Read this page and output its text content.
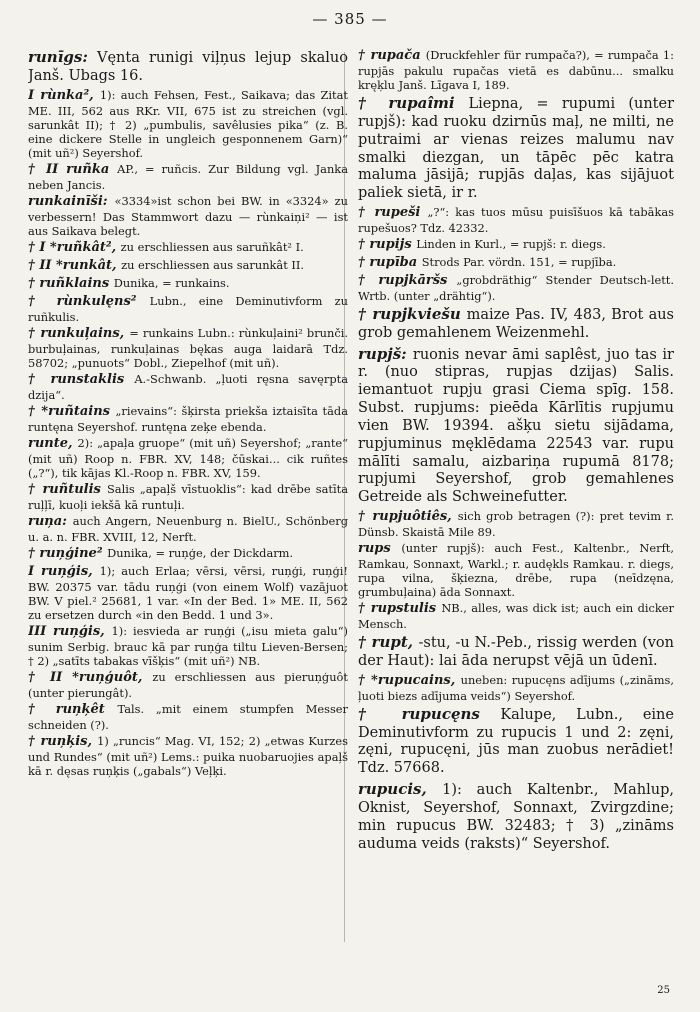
— 385 —

runīgs: Vęnta runigi viļņus lejup skaluo Janš. Ubags 16.

I rùnka², 1): auch Fehsen, Fest., Saikava; das Zitat ME. III, 562 aus RKr. VII, 675 ist zu streichen (vgl. sarunkât II); † 2) „pumbulis, savêlusies pika“ (z. B. eine dickere Stelle in ungleich gesponnenem Garn)“ (mit uñ²) Seyershof.

† II ruñka AP., = ruñcis. Zur Bildung vgl. Janka neben Jancis.

runkainīši: «3334»ist schon bei BW. in «3324» zu verbessern! Das Stammwort dazu — rùnkaiņi² — ist aus Saikava belegt.

† I *ruñkât², zu erschliessen aus saruñkât² I.

† II *runkât, zu erschliessen aus sarunkât II.

† ruñklains Dunika, = runkains.

† rùnkulęns² Lubn., eine Deminutivform zu ruñkulis.

† runkuļains, = runkains Lubn.: rùnkuļaini² brunči. burbuļainas, runkuļainas bękas auga laidarā Tdz. 58702; „punuots“ Dobl., Ziepelhof (mit uñ).

† runstaklis A.-Schwanb. „ļuoti ręsna savęrpta dzija“.

† *ruñtains „rievains“: šķirsta priekša iztaisīta tāda runtęna Seyershof. runtęna zeķe ebenda.

runte, 2): „apaļa gruope“ (mit uñ) Seyershof; „rante“ (mit uñ) Roop n. FBR. XV, 148; čūskai... cik ruñtes („?“), tik kājas Kl.-Roop n. FBR. XV, 159.

† ruñtulis Salis „apaļš vīstuoklis“: kad drēbe satīta ruļļī, kuoļi iekšā kā runtuļi.

ruņa: auch Angern, Neuenburg n. BielU., Schönberg u. a. n. FBR. XVIII, 12, Nerft.

† ruņģine² Dunika, = ruņģe, der Dickdarm.

I ruņģis, 1); auch Erlaa; vērsi, vērsi, ruņģi, ruņģi! BW. 20375 var. tādu ruņģi (von einem Wolf) vazājuot BW. V piel.² 25681, 1 var. «In der Bed. 1» ME. II, 562 zu ersetzen durch «in den Bedd. 1 und 3».

III ruņģis, 1): iesvieda ar ruņģi („isu mieta galu“) sunim Serbig. brauc kā par ruņģa tiltu Lieven-Bersen; † 2) „satīts tabakas vīšķis“ (mit uñ²) NB.

† II *ruņģuôt, zu erschliessen aus pieruņģuôt (unter pierungât).

† ruņķêt Tals. „mit einem stumpfen Messer schneiden (?).

† ruņķis, 1) „runcis“ Mag. VI, 152; 2) „etwas Kurzes und Rundes“ (mit uñ²) Lems.: puika nuobaruojies apaļš kā r. dęsas ruņķis („gabals“) Veļķi.

† rupača (Druckfehler für rumpača?), = rumpača 1: rupjās pakulu rupačas vietā es dabūnu... smalku kręķlu Janš. Līgava I, 189.

† rupaîmi Liepna, = rupumi (unter rupjš): kad ruoku dzirnūs maļ, ne milti, ne putraimi ar vienas reizes malumu nav smalki diezgan, un tāpēc pēc katra maluma jāsijā; rupjās daļas, kas sijājuot paliek sietā, ir r.

† rupeši „?“: kas tuos mūsu puisīšuos kā tabākas rupešuos? Tdz. 42332.

† rupijs Linden in Kurl., = rupjš: r. diegs.

† rupība Strods Par. vördn. 151, = rupjība.

† rupjkāršs „grobdräthig“ Stender Deutsch-lett. Wrtb. (unter „drähtig“).

† rupjkviešu maize Pas. IV, 483, Brot aus grob gemahlenem Weizenmehl.

rupjš: ruonis nevar āmi saplêst, juo tas ir r. (nuo stipras, rupjas dzijas) Salis. iemantuot rupju grasi Ciema spīg. 158. Subst. rupjums: pieēda Kārlītis rupjumu vien BW. 19394. ašķu sietu sijādama, rupjuminus męklēdama 22543 var. rupu mālīti samalu, aizbariņa rupumā 8178; rupjumi Seyershof, grob gemahlenes Getreide als Schweinefutter.

† rupjuôtiês, sich grob betragen (?): pret tevim r. Dünsb. Skaistā Mile 89.

rups (unter rupjš): auch Fest., Kaltenbr., Nerft, Ramkau, Sonnaxt, Warkl.; r. audękls Ramkau. r. diegs, rupa vilna, šķiezna, drēbe, rupa (neīdzęna, grumbuļaina) āda Sonnaxt.

† rupstulis NB., alles, was dick ist; auch ein dicker Mensch.

† rupt, -stu, -u N.-Peb., rissig werden (von der Haut): lai āda nerupst vējā un ūdenī.

† *rupucains, uneben: rupucęns adījums („zināms, ļuoti biezs adījuma veids“) Seyershof.

† rupucęns Kalupe, Lubn., eine Deminutivform zu rupucis 1 und 2: zęni, zęni, rupucęni, jūs man zuobus nerādiet! Tdz. 57668.

rupucis, 1): auch Kaltenbr., Mahlup, Oknist, Seyershof, Sonnaxt, Zvirgzdine; min rupucus BW. 32483; † 3) „zināms auduma veids (raksts)“ Seyershof.

25
